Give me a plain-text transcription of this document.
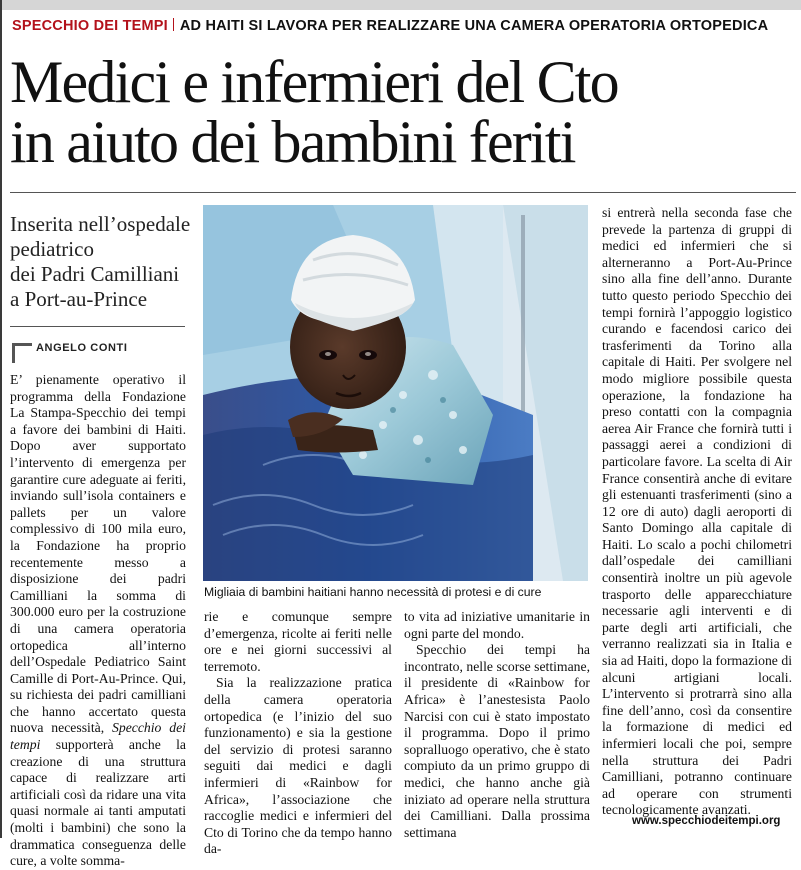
SPECCHIO DEI TEMPI AD HAITI SI LAVORA PER REALIZZARE UNA CAMERA OPERATORIA ORTOPEDICA
Medici e infermieri del Cto
in aiuto dei bambini feriti
Inserita nell’ospedale
pediatrico
dei Padri Camilliani
a Port-au-Prince
ANGELO CONTI

E’ pienamente operativo il programma della Fondazione La Stampa-Specchio dei tempi a favore dei bambini di Haiti. Dopo aver supportato l’intervento di emergenza per garantire cure adeguate ai feriti, inviando sull’isola containers e pallets per un valore complessivo di 100 mila euro, la Fondazione ha proprio recentemente messo a disposizione dei padri Camilliani la somma di 300.000 euro per la costruzione di una camera operatoria ortopedica all’interno dell’Ospedale Pediatrico Saint Camille di Port-Au-Prince. Qui, su richiesta dei padri camilliani che hanno accertato questa nuova necessità, Specchio dei tempi supporterà anche la creazione di una struttura capace di realizzare arti artificiali così da ridare una vita quasi normale ai tanti amputati (molti i bambini) che sono la drammatica conseguenza delle cure, a volte somma-

Migliaia di bambini haitiani hanno necessità di protesi e di cure

rie e comunque sempre d’emergenza, ricolte ai feriti nelle ore e nei giorni successivi al terremoto.

Sia la realizzazione pratica della camera operatoria ortopedica (e l’inizio del suo funzionamento) e sia la gestione del servizio di protesi saranno seguiti dai medici e dagli infermieri di «Rainbow for Africa», l’associazione che raccoglie medici e infermieri del Cto di Torino che da tempo hanno da-

to vita ad iniziative umanitarie in ogni parte del mondo.

Specchio dei tempi ha incontrato, nelle scorse settimane, il presidente di «Rainbow for Africa» è l’anestesista Paolo Narcisi con cui è stato impostato il programma. Dopo il primo sopralluogo operativo, che è stato compiuto da un primo gruppo di medici, che hanno anche già iniziato ad operare nella struttura dei Camilliani. Dalla prossima settimana

si entrerà nella seconda fase che prevede la partenza di gruppi di medici ed infermieri che si alterneranno a Port-Au-Prince sino alla fine dell’anno. Durante tutto questo periodo Specchio dei tempi fornirà l’appoggio logistico curando e facendosi carico dei trasferimenti da Torino alla capitale di Haiti. Per svolgere nel modo migliore possibile questa operazione, la fondazione ha preso contatti con la compagnia aerea Air France che fornirà tutti i passaggi aerei a condizioni di particolare favore. La scelta di Air France consentirà anche di evitare gli estenuanti trasferimenti (sino a 12 ore di auto) dagli aeroporti di Santo Domingo alla capitale di Haiti. Lo scalo a pochi chilometri dall’ospedale dei camilliani consentirà inoltre un più agevole trasporto delle apparecchiature necessarie agli interventi e di parte degli arti artificiali, che verranno realizzati sia in Italia e sia ad Haiti, dopo la formazione di alcuni artigiani locali. L’intervento si protrarrà sino alla fine dell’anno, così da consentire la formazione di medici ed infermieri locali che poi, sempre nella struttura dei Padri Camilliani, potranno continuare ad operare con strumenti tecnologicamente avanzati.

www.specchiodeitempi.org
